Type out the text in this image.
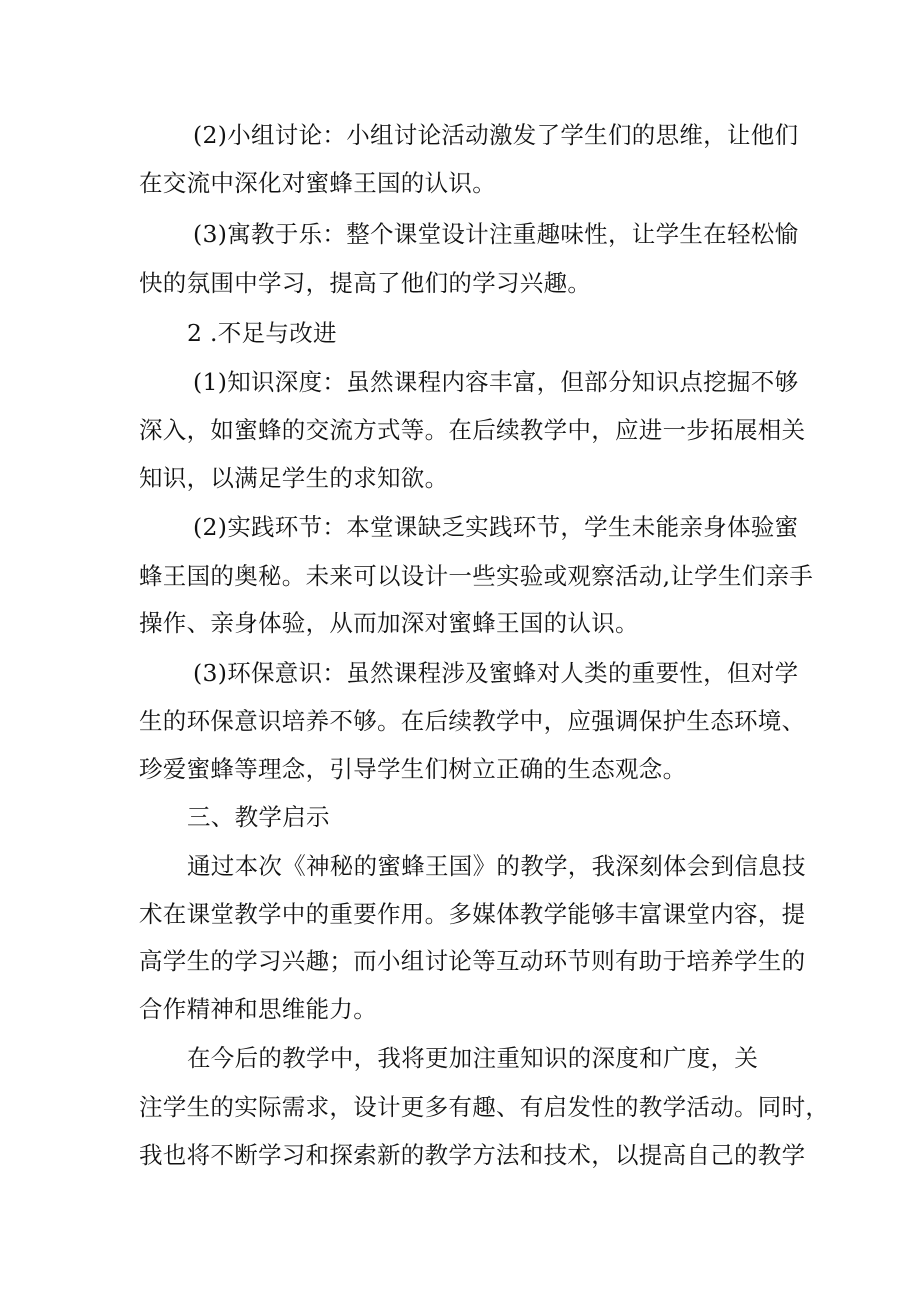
(2)小组讨论：小组讨论活动激发了学生们的思维，让他们
在交流中深化对蜜蜂王国的认识。
(3)寓教于乐：整个课堂设计注重趣味性，让学生在轻松愉
快的氛围中学习，提高了他们的学习兴趣。
2 .不足与改进
(1)知识深度：虽然课程内容丰富，但部分知识点挖掘不够
深入，如蜜蜂的交流方式等。在后续教学中，应进一步拓展相关
知识，以满足学生的求知欲。
(2)实践环节：本堂课缺乏实践环节，学生未能亲身体验蜜
蜂王国的奥秘。未来可以设计一些实验或观察活动,让学生们亲手
操作、亲身体验，从而加深对蜜蜂王国的认识。
(3)环保意识：虽然课程涉及蜜蜂对人类的重要性，但对学
生的环保意识培养不够。在后续教学中，应强调保护生态环境、
珍爱蜜蜂等理念，引导学生们树立正确的生态观念。
三、教学启示
通过本次《神秘的蜜蜂王国》的教学，我深刻体会到信息技
术在课堂教学中的重要作用。多媒体教学能够丰富课堂内容，提
高学生的学习兴趣；而小组讨论等互动环节则有助于培养学生的
合作精神和思维能力。
在今后的教学中，我将更加注重知识的深度和广度，关
注学生的实际需求，设计更多有趣、有启发性的教学活动。同时，
我也将不断学习和探索新的教学方法和技术，以提高自己的教学
